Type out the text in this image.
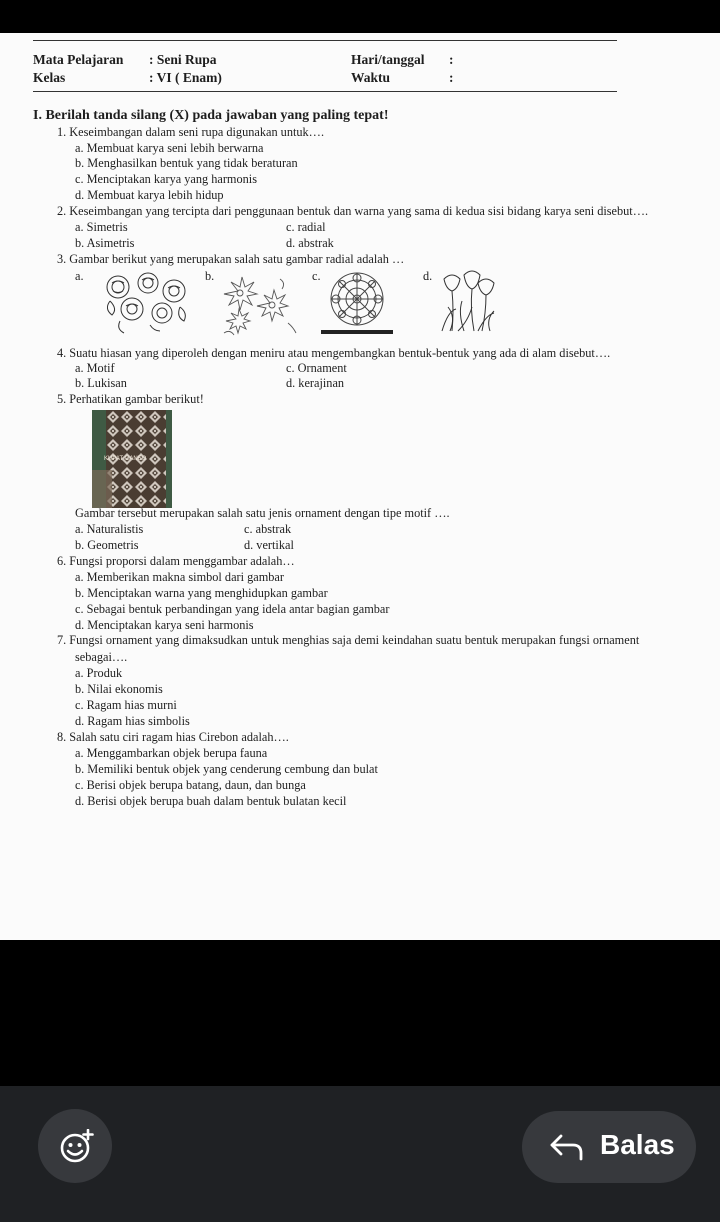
Mata Pelajaran : Seni Rupa	Hari/tanggal :
Kelas	: VI ( Enam)	Waktu	:
I. Berilah tanda silang (X) pada jawaban yang paling tepat!
1. Keseimbangan dalam seni rupa digunakan untuk….
a. Membuat karya seni lebih berwarna
b. Menghasilkan bentuk yang tidak beraturan
c. Menciptakan karya yang harmonis
d. Membuat karya lebih hidup
2. Keseimbangan yang tercipta dari penggunaan bentuk dan warna yang sama di kedua sisi bidang karya seni disebut….
a. Simetris	c. radial
b. Asimetris	d. abstrak
3. Gambar berikut yang merupakan salah satu gambar radial adalah …
a.	b.	c.	d.
4. Suatu hiasan yang diperoleh dengan meniru atau mengembangkan bentuk-bentuk yang ada di alam disebut….
a. Motif	c. Ornament
b. Lukisan	d. kerajinan
5. Perhatikan gambar berikut!
KUPAT GANEO
Gambar tersebut merupakan salah satu jenis ornament dengan tipe motif ….
a. Naturalistis	c. abstrak
b. Geometris	d. vertikal
6. Fungsi proporsi dalam menggambar adalah…
a. Memberikan makna simbol dari gambar
b. Menciptakan warna yang menghidupkan gambar
c. Sebagai bentuk perbandingan yang idela antar bagian gambar
d. Menciptakan karya seni harmonis
7. Fungsi ornament yang dimaksudkan untuk menghias saja demi keindahan suatu bentuk merupakan fungsi ornament
sebagai….
a. Produk
b. Nilai ekonomis
c. Ragam hias murni
d. Ragam hias simbolis
8. Salah satu ciri ragam hias Cirebon adalah….
a. Menggambarkan objek berupa fauna
b. Memiliki bentuk objek yang cenderung cembung dan bulat
c. Berisi objek berupa batang, daun, dan bunga
d. Berisi objek berupa buah dalam bentuk bulatan kecil
Balas
